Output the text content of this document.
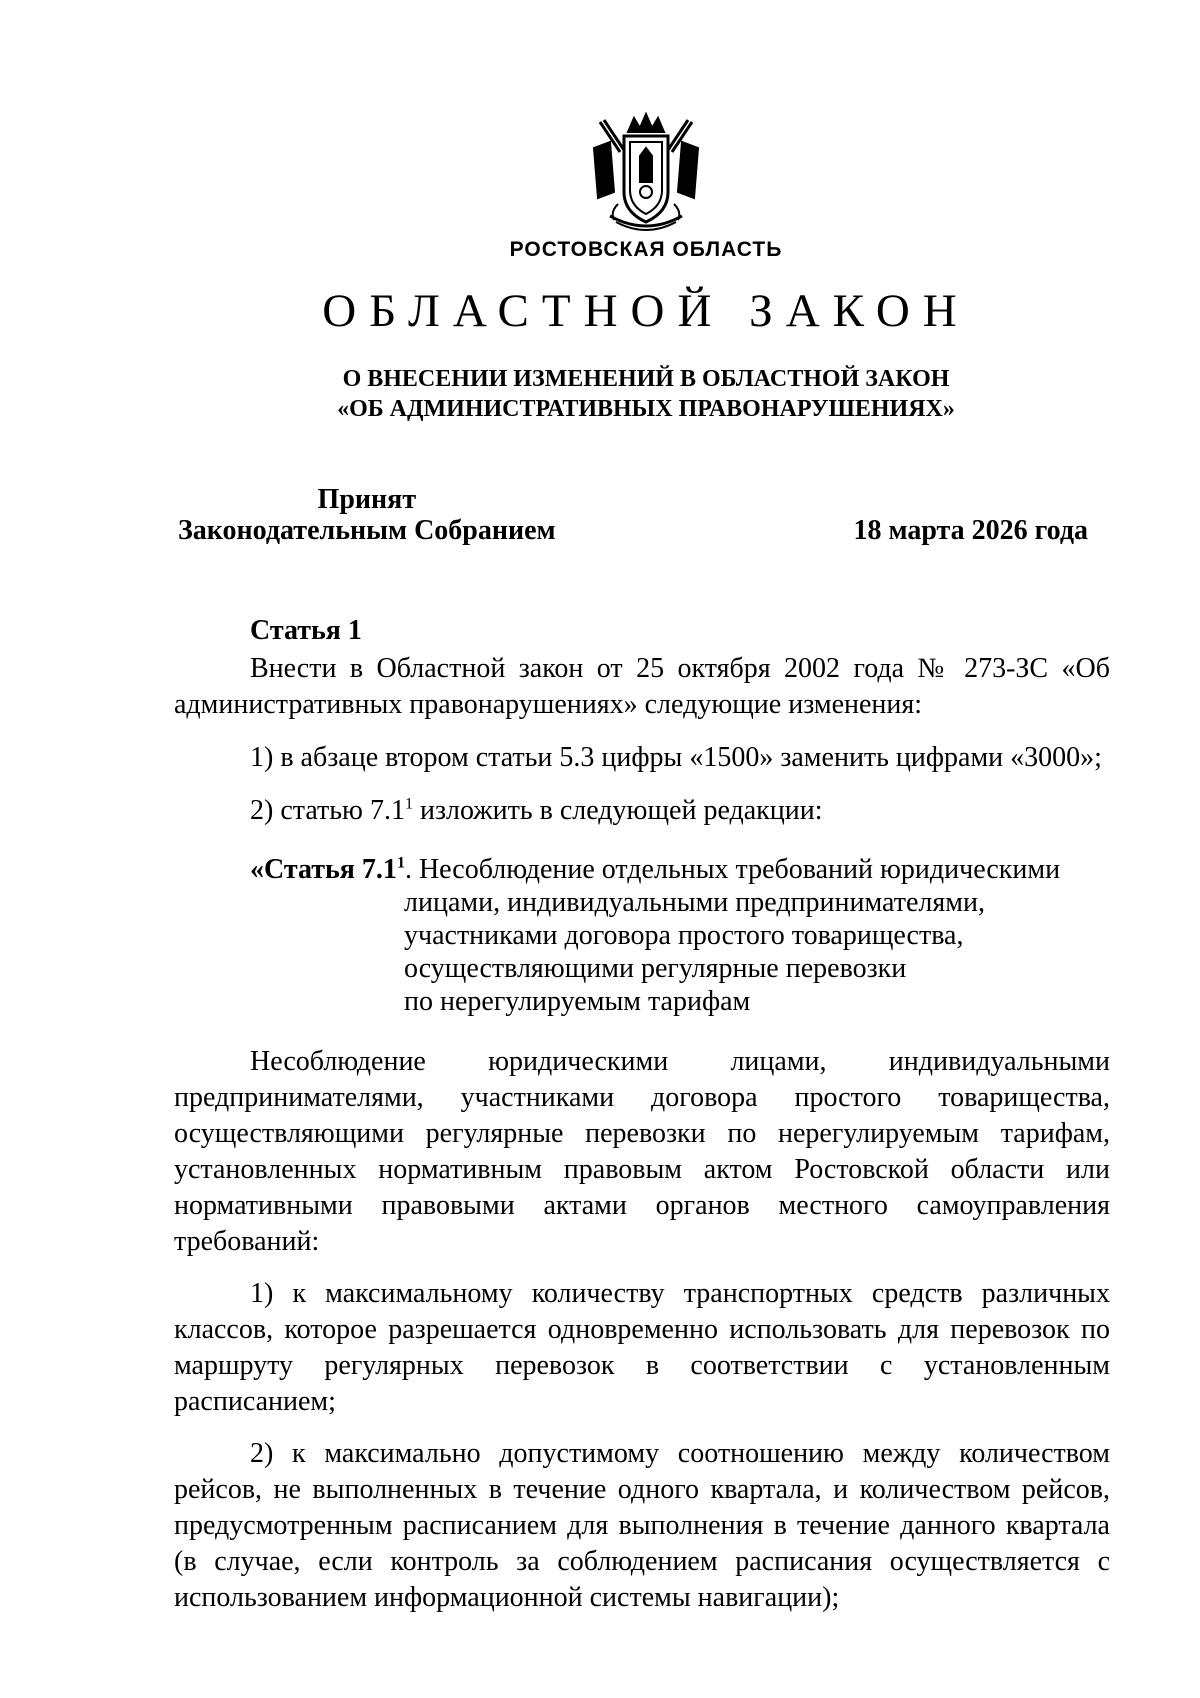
РОСТОВСКАЯ ОБЛАСТЬ
ОБЛАСТНОЙ ЗАКОН
О ВНЕСЕНИИ ИЗМЕНЕНИЙ В ОБЛАСТНОЙ ЗАКОН
«ОБ АДМИНИСТРАТИВНЫХ ПРАВОНАРУШЕНИЯХ»
Принят
Законодательным Собранием	18 марта 2026 года
Статья 1

Внести в Областной закон от 25 октября 2002 года № 273-ЗС «Об административных правонарушениях» следующие изменения:

1) в абзаце втором статьи 5.3 цифры «1500» заменить цифрами «3000»;

2) статью $7.1^1$ изложить в следующей редакции:

«Статья $7.1^1$. Несоблюдение отдельных требований юридическими
лицами, индивидуальными предпринимателями,
участниками договора простого товарищества,
осуществляющими регулярные перевозки
по нерегулируемым тарифам

Несоблюдение юридическими лицами, индивидуальными предпринимателями, участниками договора простого товарищества, осуществляющими регулярные перевозки по нерегулируемым тарифам, установленных нормативным правовым актом Ростовской области или нормативными правовыми актами органов местного самоуправления требований:

1) к максимальному количеству транспортных средств различных классов, которое разрешается одновременно использовать для перевозок по маршруту регулярных перевозок в соответствии с установленным расписанием;

2) к максимально допустимому соотношению между количеством рейсов, не выполненных в течение одного квартала, и количеством рейсов, предусмотренным расписанием для выполнения в течение данного квартала (в случае, если контроль за соблюдением расписания осуществляется с использованием информационной системы навигации);
